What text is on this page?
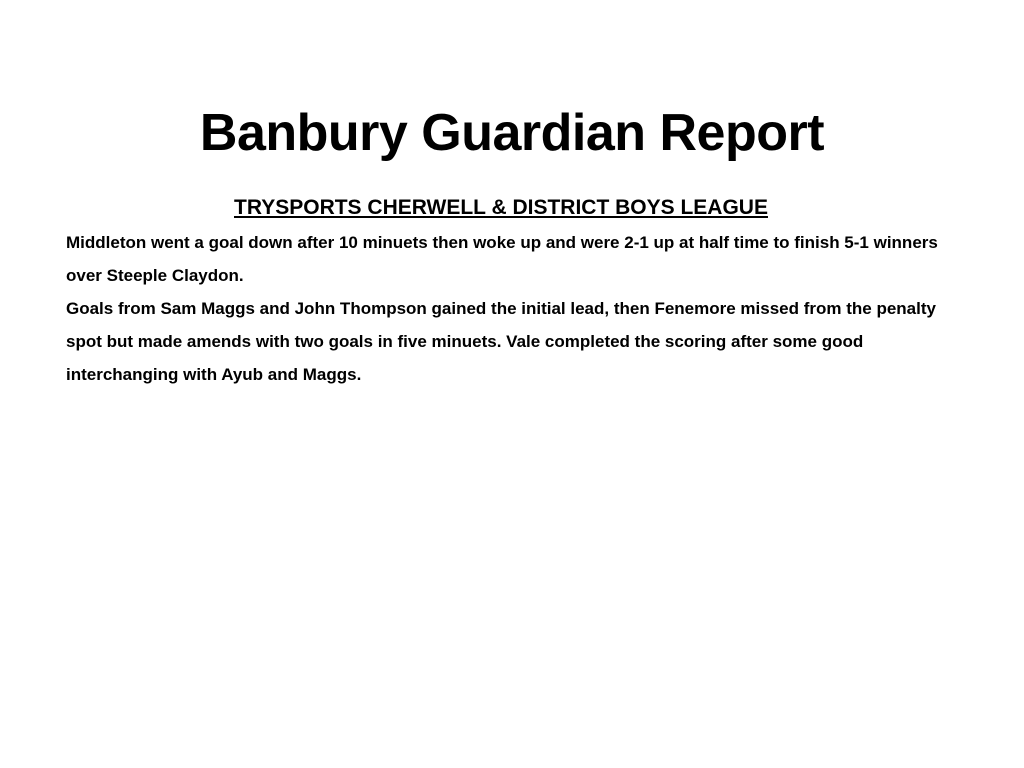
Banbury Guardian Report
TRYSPORTS CHERWELL & DISTRICT BOYS LEAGUE

Middleton went a goal down after 10 minuets then woke up and were 2-1 up at half time to finish 5-1 winners over Steeple Claydon.

Goals from Sam Maggs and John Thompson gained the initial lead, then Fenemore missed from the penalty spot but made amends with two goals in five minuets. Vale completed the scoring after some good interchanging with Ayub and Maggs.
